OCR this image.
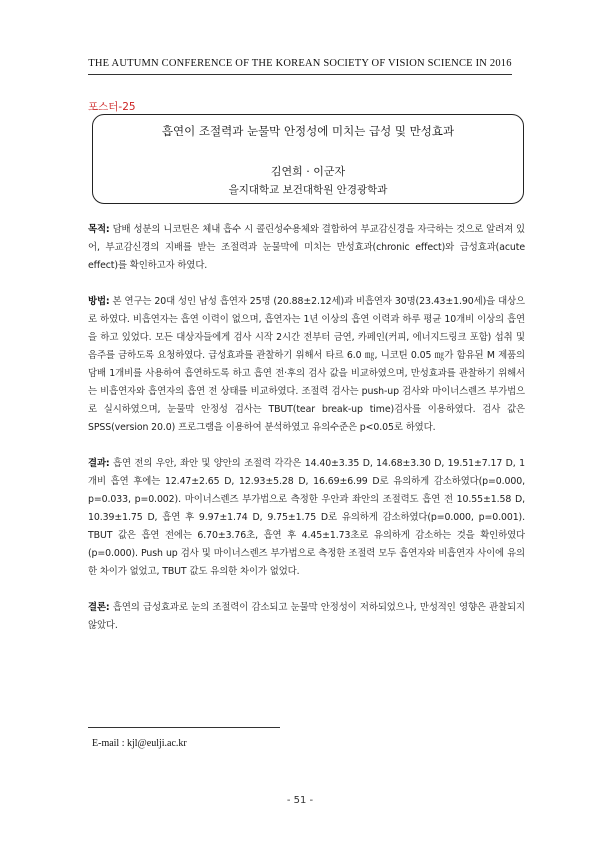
THE AUTUMN CONFERENCE OF THE KOREAN SOCIETY OF VISION SCIENCE IN 2016
포스터-25
흡연이 조절력과 눈물막 안정성에 미치는 급성 및 만성효과
김연희 · 이군자
을지대학교 보건대학원 안경광학과

목적: 담배 성분의 니코틴은 체내 흡수 시 콜린성수용체와 결합하여 부교감신경을 자극하는 것으로 알려져 있어, 부교감신경의 지배를 받는 조절력과 눈물막에 미치는 만성효과(chronic effect)와 급성효과(acute effect)를 확인하고자 하였다.

방법: 본 연구는 20대 성인 남성 흡연자 25명 (20.88±2.12세)과 비흡연자 30명(23.43±1.90세)을 대상으로 하였다. 비흡연자는 흡연 이력이 없으며, 흡연자는 1년 이상의 흡연 이력과 하루 평균 10개비 이상의 흡연을 하고 있었다. 모든 대상자들에게 검사 시작 2시간 전부터 금연, 카페인(커피, 에너지드링크 포함) 섭취 및 음주를 금하도록 요청하였다. 급성효과를 관찰하기 위해서 타르 6.0 ㎎, 니코틴 0.05 ㎎가 함유된 M 제품의 담배 1개비를 사용하여 흡연하도록 하고 흡연 전·후의 검사 값을 비교하였으며, 만성효과를 관찰하기 위해서는 비흡연자와 흡연자의 흡연 전 상태를 비교하였다. 조절력 검사는 push-up 검사와 마이너스렌즈 부가법으로 실시하였으며, 눈물막 안정성 검사는 TBUT(tear break-up time)검사를 이용하였다. 검사 값은 SPSS(version 20.0) 프로그램을 이용하여 분석하였고 유의수준은 p<0.05로 하였다.

결과: 흡연 전의 우안, 좌안 및 양안의 조절력 각각은 14.40±3.35 D, 14.68±3.30 D, 19.51±7.17 D, 1개비 흡연 후에는 12.47±2.65 D, 12.93±5.28 D, 16.69±6.99 D로 유의하게 감소하였다(p=0.000, p=0.033, p=0.002). 마이너스렌즈 부가법으로 측정한 우안과 좌안의 조절력도 흡연 전 10.55±1.58 D, 10.39±1.75 D, 흡연 후 9.97±1.74 D, 9.75±1.75 D로 유의하게 감소하였다(p=0.000, p=0.001). TBUT 값은 흡연 전에는 6.70±3.76초, 흡연 후 4.45±1.73초로 유의하게 감소하는 것을 확인하였다(p=0.000). Push up 검사 및 마이너스렌즈 부가법으로 측정한 조절력 모두 흡연자와 비흡연자 사이에 유의한 차이가 없었고, TBUT 값도 유의한 차이가 없었다.

결론: 흡연의 급성효과로 눈의 조절력이 감소되고 눈물막 안정성이 저하되었으나, 만성적인 영향은 관찰되지 않았다.

E-mail : kjl@eulji.ac.kr
- 51 -
